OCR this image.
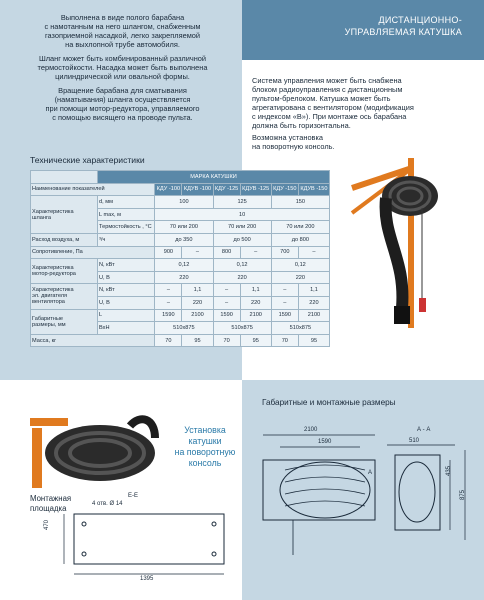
ДИСТАНЦИОННО-
УПРАВЛЯЕМАЯ КАТУШКА
Выполнена в виде полого барабана
с намотанным на него шлангом, снабженным
газоприемной насадкой, легко закрепляемой
на выхлопной трубе автомобиля.
Шланг может быть комбинированный различной
термостойкости. Насадка может быть выполнена
цилиндрической или овальной формы.
Вращение барабана для сматывания
(наматывания) шланга осуществляется
при помощи мотор-редуктора, управляемого
с помощью висящего на проводе пульта.
Система управления может быть снабжена
блоком радиоуправления с дистанционным
пультом-брелоком. Катушка может быть
агрегатирована с вентилятором (модификация
с индексом «В»). При монтаже ось барабана
должна быть горизонтальна.
Возможна установка
на поворотную консоль.
Технические характеристики
	МАРКА КАТУШКИ						
Наименование показателей		КДУ -100	КДУВ -100	КДУ -125	КДУВ -125	КДУ -150	КДУВ -150

Характеристика
шланга	d, мм	100		125		150	
	L max, м	10					
	Термостойкость , °С	70 или 200		70 или 200		70 или 200	
Расход воздуха, м	³/ч	до 350		до 500		до 800	
Сопротивление, Па		900	–	800	–	700	–

Характеристика
мотор-редуктора	N, кВт	0,12		0,12		0,12	
	U, В	220		220		220	

Характеристика
эл. двигателя
вентилятора	N, кВт	–	1,1	–	1,1	–	1,1
	U, В	–	220	–	220	–	220

Габаритные
размеры, мм	L	1590	2100	1590	2100	1590	2100
	ВхН	510х875		510х875		510х875	
Масса, кг		70	95	70	95	70	95
Установка
катушки
на поворотную
консоль
Монтажная
площадка
Е-Е
4 отв. Ø 14
470
1395
Габаритные и монтажные размеры
2100
1590
А - А
510
435
875
А
